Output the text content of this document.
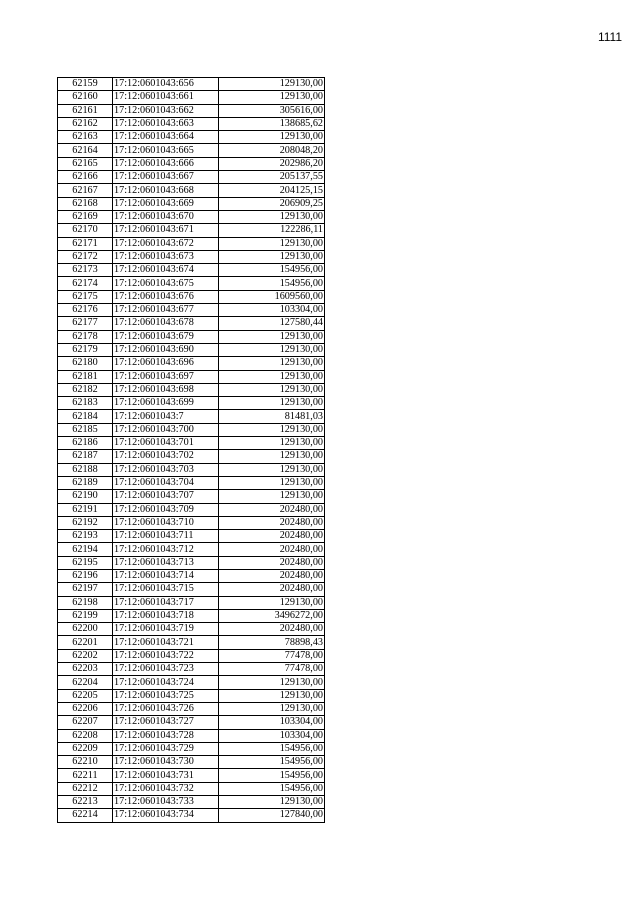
1111
62159	17:12:0601043:656	129130,00
62160	17:12:0601043:661	129130,00
62161	17:12:0601043:662	305616,00
62162	17:12:0601043:663	138685,62
62163	17:12:0601043:664	129130,00
62164	17:12:0601043:665	208048,20
62165	17:12:0601043:666	202986,20
62166	17:12:0601043:667	205137,55
62167	17:12:0601043:668	204125,15
62168	17:12:0601043:669	206909,25
62169	17:12:0601043:670	129130,00
62170	17:12:0601043:671	122286,11
62171	17:12:0601043:672	129130,00
62172	17:12:0601043:673	129130,00
62173	17:12:0601043:674	154956,00
62174	17:12:0601043:675	154956,00
62175	17:12:0601043:676	1609560,00
62176	17:12:0601043:677	103304,00
62177	17:12:0601043:678	127580,44
62178	17:12:0601043:679	129130,00
62179	17:12:0601043:690	129130,00
62180	17:12:0601043:696	129130,00
62181	17:12:0601043:697	129130,00
62182	17:12:0601043:698	129130,00
62183	17:12:0601043:699	129130,00
62184	17:12:0601043:7	81481,03
62185	17:12:0601043:700	129130,00
62186	17:12:0601043:701	129130,00
62187	17:12:0601043:702	129130,00
62188	17:12:0601043:703	129130,00
62189	17:12:0601043:704	129130,00
62190	17:12:0601043:707	129130,00
62191	17:12:0601043:709	202480,00
62192	17:12:0601043:710	202480,00
62193	17:12:0601043:711	202480,00
62194	17:12:0601043:712	202480,00
62195	17:12:0601043:713	202480,00
62196	17:12:0601043:714	202480,00
62197	17:12:0601043:715	202480,00
62198	17:12:0601043:717	129130,00
62199	17:12:0601043:718	3496272,00
62200	17:12:0601043:719	202480,00
62201	17:12:0601043:721	78898,43
62202	17:12:0601043:722	77478,00
62203	17:12:0601043:723	77478,00
62204	17:12:0601043:724	129130,00
62205	17:12:0601043:725	129130,00
62206	17:12:0601043:726	129130,00
62207	17:12:0601043:727	103304,00
62208	17:12:0601043:728	103304,00
62209	17:12:0601043:729	154956,00
62210	17:12:0601043:730	154956,00
62211	17:12:0601043:731	154956,00
62212	17:12:0601043:732	154956,00
62213	17:12:0601043:733	129130,00
62214	17:12:0601043:734	127840,00
